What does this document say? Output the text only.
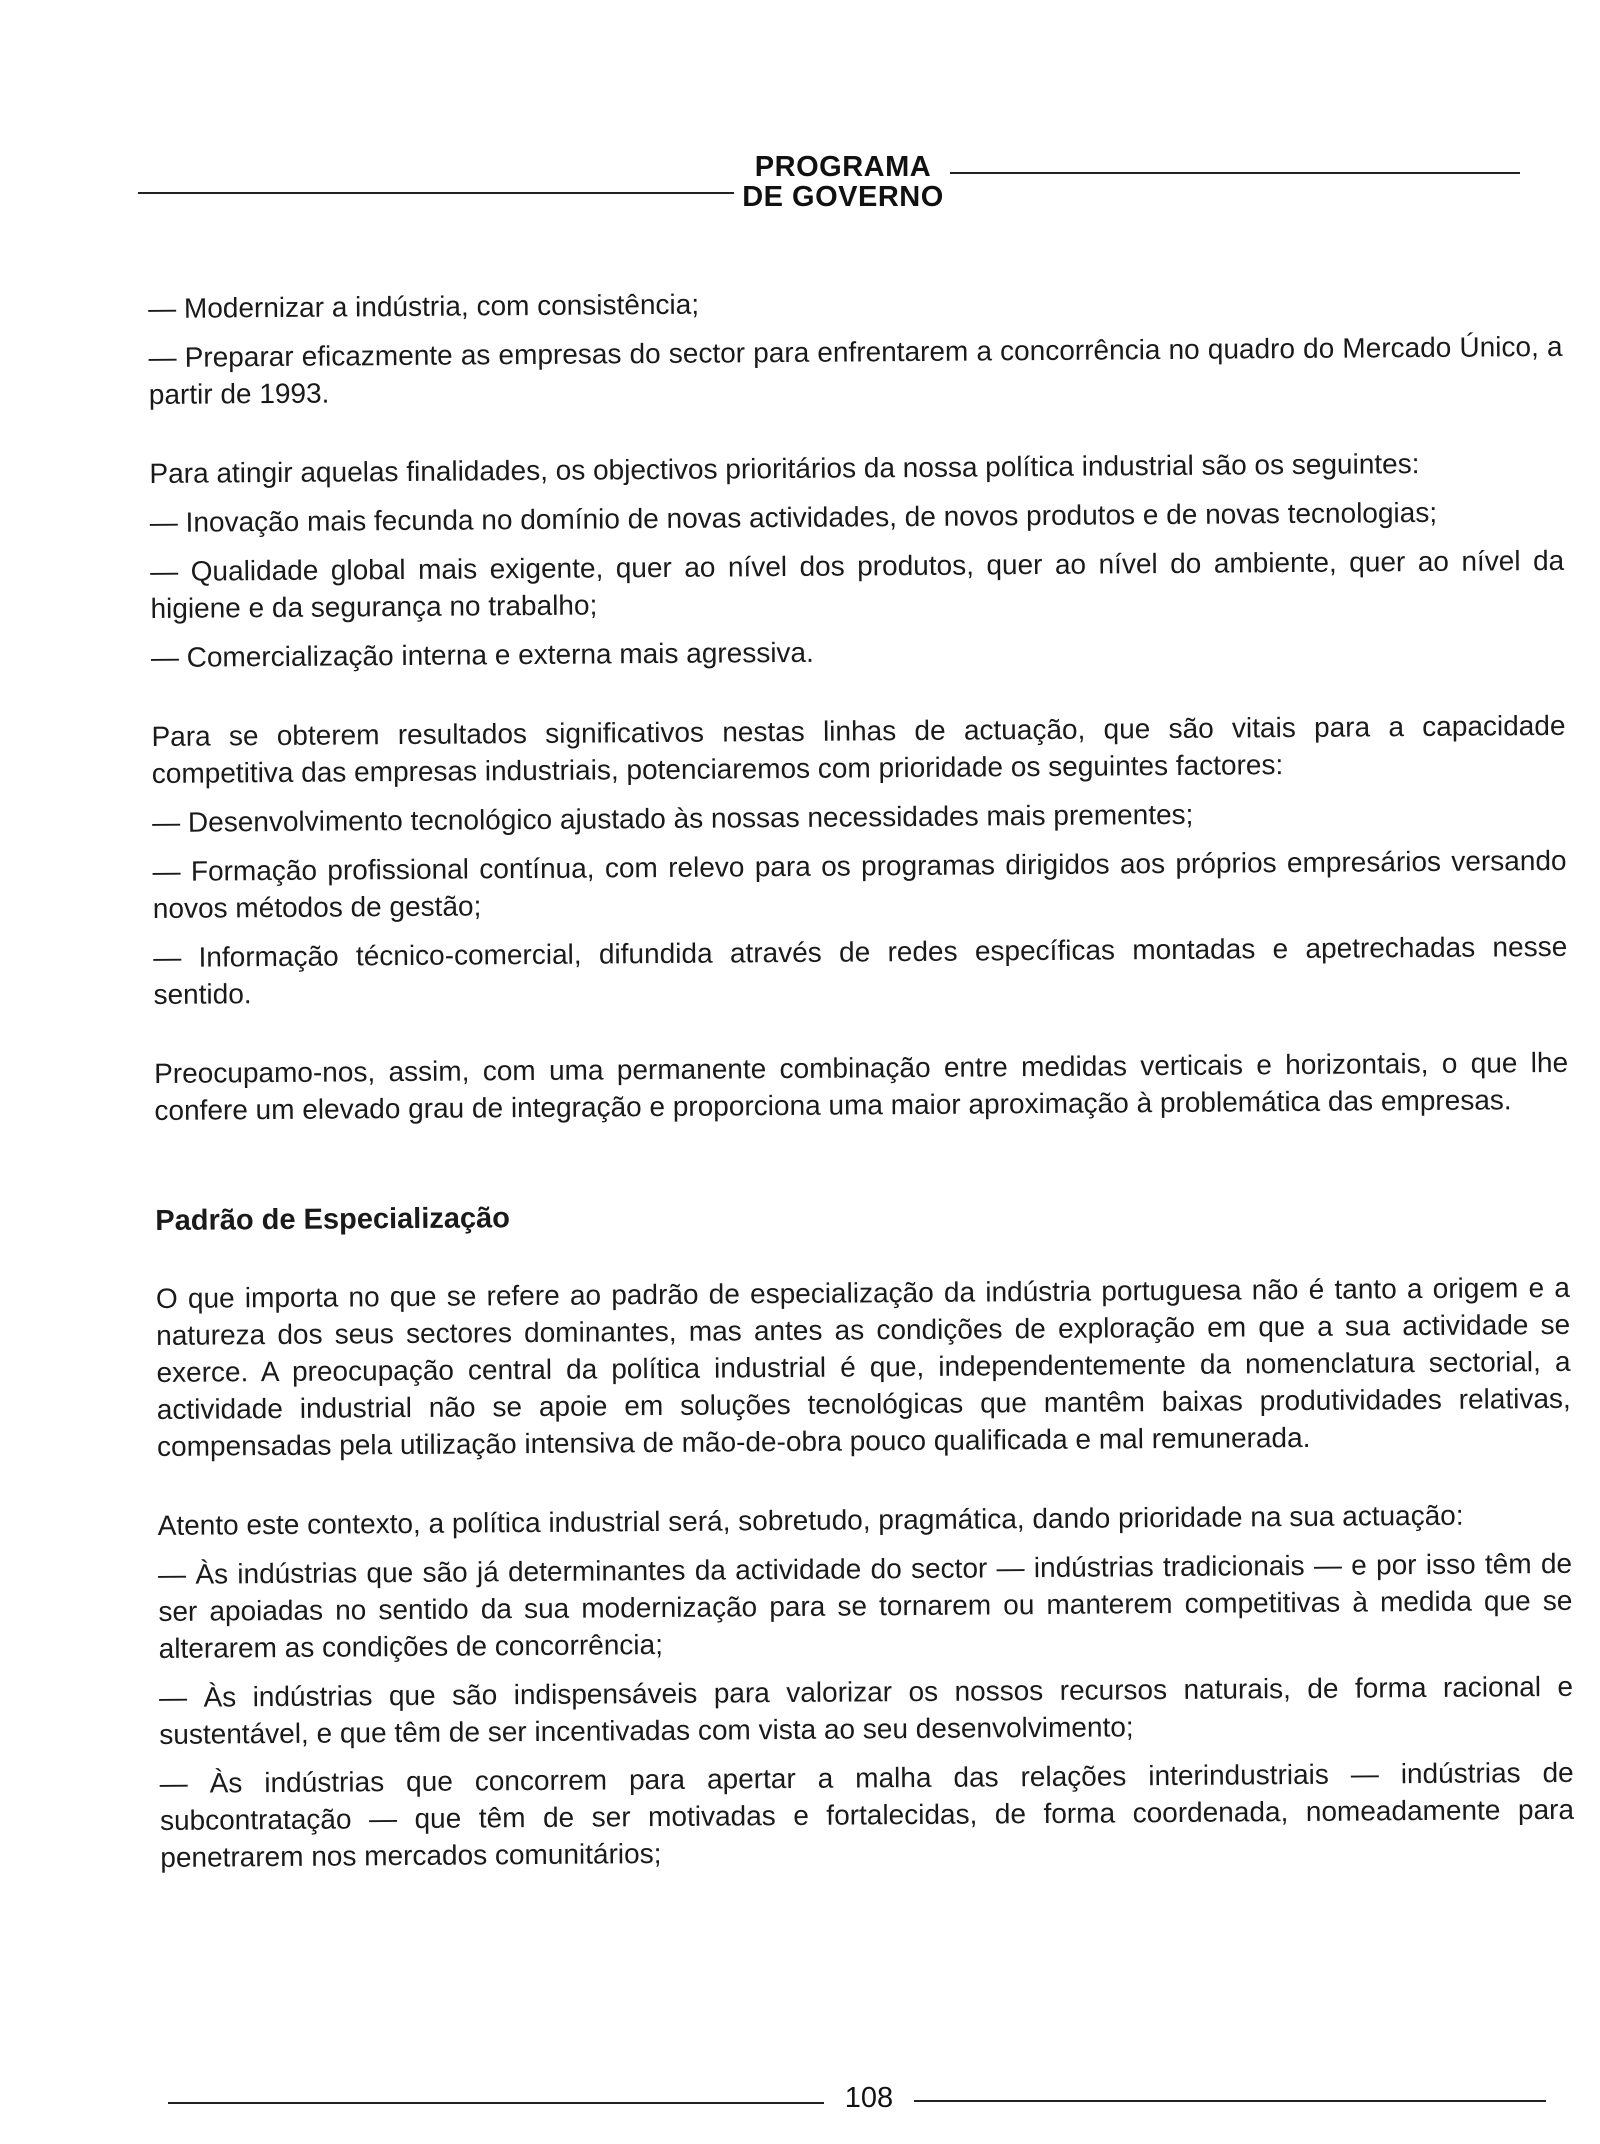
PROGRAMA
DE GOVERNO

— Modernizar a indústria, com consistência;

— Preparar eficazmente as empresas do sector para enfrentarem a concorrência no quadro do Mercado Único, a partir de 1993.

Para atingir aquelas finalidades, os objectivos prioritários da nossa política industrial são os seguintes:

— Inovação mais fecunda no domínio de novas actividades, de novos produtos e de novas tecnologias;

— Qualidade global mais exigente, quer ao nível dos produtos, quer ao nível do ambiente, quer ao nível da higiene e da segurança no trabalho;

— Comercialização interna e externa mais agressiva.

Para se obterem resultados significativos nestas linhas de actuação, que são vitais para a capacidade competitiva das empresas industriais, potenciaremos com prioridade os seguintes factores:

— Desenvolvimento tecnológico ajustado às nossas necessidades mais prementes;

— Formação profissional contínua, com relevo para os programas dirigidos aos próprios empresários versando novos métodos de gestão;

— Informação técnico-comercial, difundida através de redes específicas montadas e apetrechadas nesse sentido.

Preocupamo-nos, assim, com uma permanente combinação entre medidas verticais e horizontais, o que lhe confere um elevado grau de integração e proporciona uma maior aproximação à problemática das empresas.

Padrão de Especialização

O que importa no que se refere ao padrão de especialização da indústria portuguesa não é tanto a origem e a natureza dos seus sectores dominantes, mas antes as condições de exploração em que a sua actividade se exerce. A preocupação central da política industrial é que, independentemente da nomenclatura sectorial, a actividade industrial não se apoie em soluções tecnológicas que mantêm baixas produtividades relativas, compensadas pela utilização intensiva de mão-de-obra pouco qualificada e mal remunerada.

Atento este contexto, a política industrial será, sobretudo, pragmática, dando prioridade na sua actuação:

— Às indústrias que são já determinantes da actividade do sector — indústrias tradicionais — e por isso têm de ser apoiadas no sentido da sua modernização para se tornarem ou manterem competitivas à medida que se alterarem as condições de concorrência;

— Às indústrias que são indispensáveis para valorizar os nossos recursos naturais, de forma racional e sustentável, e que têm de ser incentivadas com vista ao seu desenvolvimento;

— Às indústrias que concorrem para apertar a malha das relações interindustriais — indústrias de subcontratação — que têm de ser motivadas e fortalecidas, de forma coordenada, nomeadamente para penetrarem nos mercados comunitários;

108
